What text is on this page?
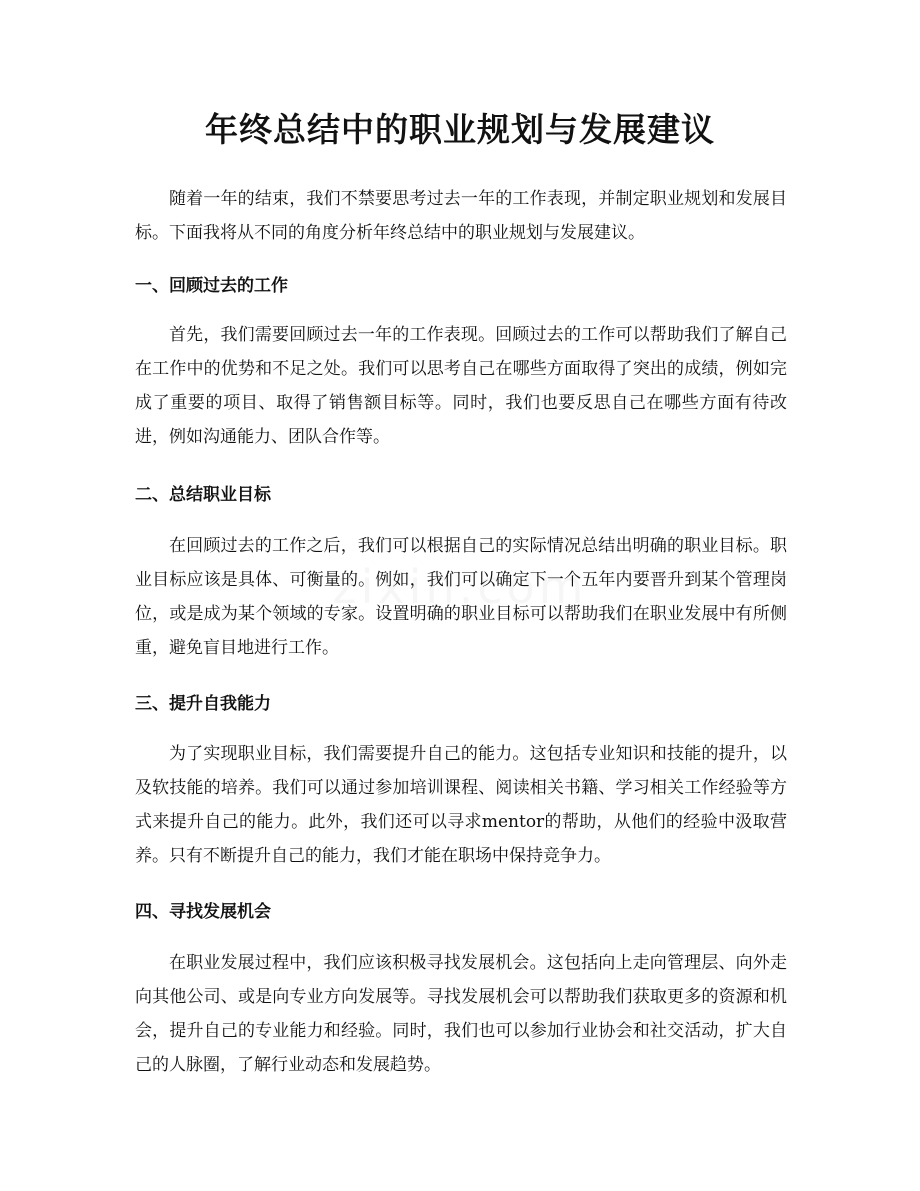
年终总结中的职业规划与发展建议

随着一年的结束，我们不禁要思考过去一年的工作表现，并制定职业规划和发展目标。下面我将从不同的角度分析年终总结中的职业规划与发展建议。

一、回顾过去的工作

首先，我们需要回顾过去一年的工作表现。回顾过去的工作可以帮助我们了解自己在工作中的优势和不足之处。我们可以思考自己在哪些方面取得了突出的成绩，例如完成了重要的项目、取得了销售额目标等。同时，我们也要反思自己在哪些方面有待改进，例如沟通能力、团队合作等。

二、总结职业目标

在回顾过去的工作之后，我们可以根据自己的实际情况总结出明确的职业目标。职业目标应该是具体、可衡量的。例如，我们可以确定下一个五年内要晋升到某个管理岗位，或是成为某个领域的专家。设置明确的职业目标可以帮助我们在职业发展中有所侧重，避免盲目地进行工作。

三、提升自我能力

为了实现职业目标，我们需要提升自己的能力。这包括专业知识和技能的提升，以及软技能的培养。我们可以通过参加培训课程、阅读相关书籍、学习相关工作经验等方式来提升自己的能力。此外，我们还可以寻求mentor的帮助，从他们的经验中汲取营养。只有不断提升自己的能力，我们才能在职场中保持竞争力。

四、寻找发展机会

在职业发展过程中，我们应该积极寻找发展机会。这包括向上走向管理层、向外走向其他公司、或是向专业方向发展等。寻找发展机会可以帮助我们获取更多的资源和机会，提升自己的专业能力和经验。同时，我们也可以参加行业协会和社交活动，扩大自己的人脉圈，了解行业动态和发展趋势。
